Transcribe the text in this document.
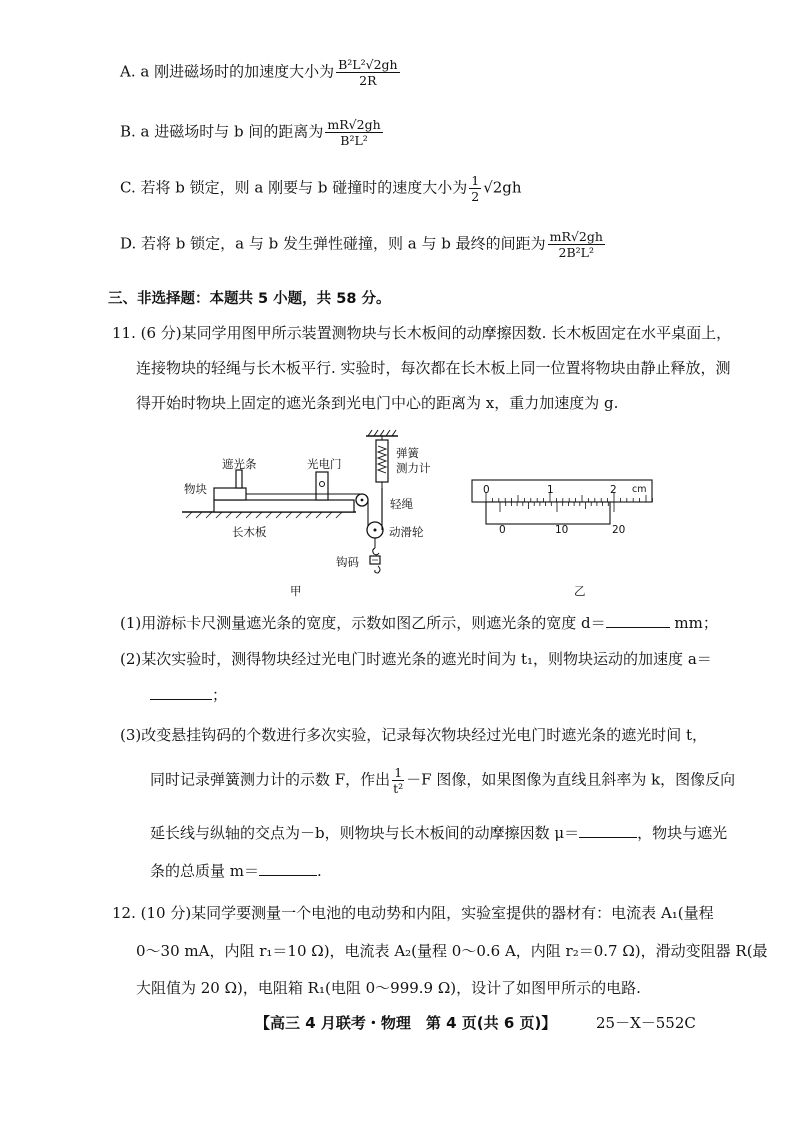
A. a 刚进磁场时的加速度大小为 $\frac{\text{B²L²√2gh}}{2R}$
B. a 进磁场时与 b 间的距离为 $\frac{mR√2gh}{\text{B²L²}}$
C. 若将 b 锁定，则 a 刚要与 b 碰撞时的速度大小为 $\frac{1}{2} √2gh$
D. 若将 b 锁定，a 与 b 发生弹性碰撞，则 a 与 b 最终的间距为 $\frac{mR√2gh}{\text{2B²L²}}$
三、非选择题：本题共 5 小题，共 58 分。
11. (6 分)某同学用图甲所示装置测物块与长木板间的动摩擦因数. 长木板固定在水平桌面上，
连接物块的轻绳与长木板平行. 实验时，每次都在长木板上同一位置将物块由静止释放，测
得开始时物块上固定的遮光条到光电门中心的距离为 x，重力加速度为 g.
遮光条	光电门
物块
弹簧
测力计
轻绳
长木板	动滑轮
钩码
甲	乙
0	1	2 cm
0	10	20
(1)用游标卡尺测量遮光条的宽度，示数如图乙所示，则遮光条的宽度 d＝	mm；
(2)某次实验时，测得物块经过光电门时遮光条的遮光时间为 t₁，则物块运动的加速度 a＝
；
(3)改变悬挂钩码的个数进行多次实验，记录每次物块经过光电门时遮光条的遮光时间 t，
同时记录弹簧测力计的示数 F，作出 $\frac{1}{\text{t²}} -F$ 图像，如果图像为直线且斜率为 k，图像反向
延长线与纵轴的交点为－b，则物块与长木板间的动摩擦因数 μ＝	，物块与遮光
条的总质量 m＝	.
12. (10 分)某同学要测量一个电池的电动势和内阻，实验室提供的器材有：电流表 A₁(量程
0～30 mA，内阻 r₁＝10 Ω)，电流表 A₂(量程 0～0.6 A，内阻 r₂＝0.7 Ω)，滑动变阻器 R(最
大阻值为 20 Ω)，电阻箱 R₁(电阻 0～999.9 Ω)，设计了如图甲所示的电路.
【高三 4 月联考・物理　第 4 页(共 6 页)】	25－X－552C
